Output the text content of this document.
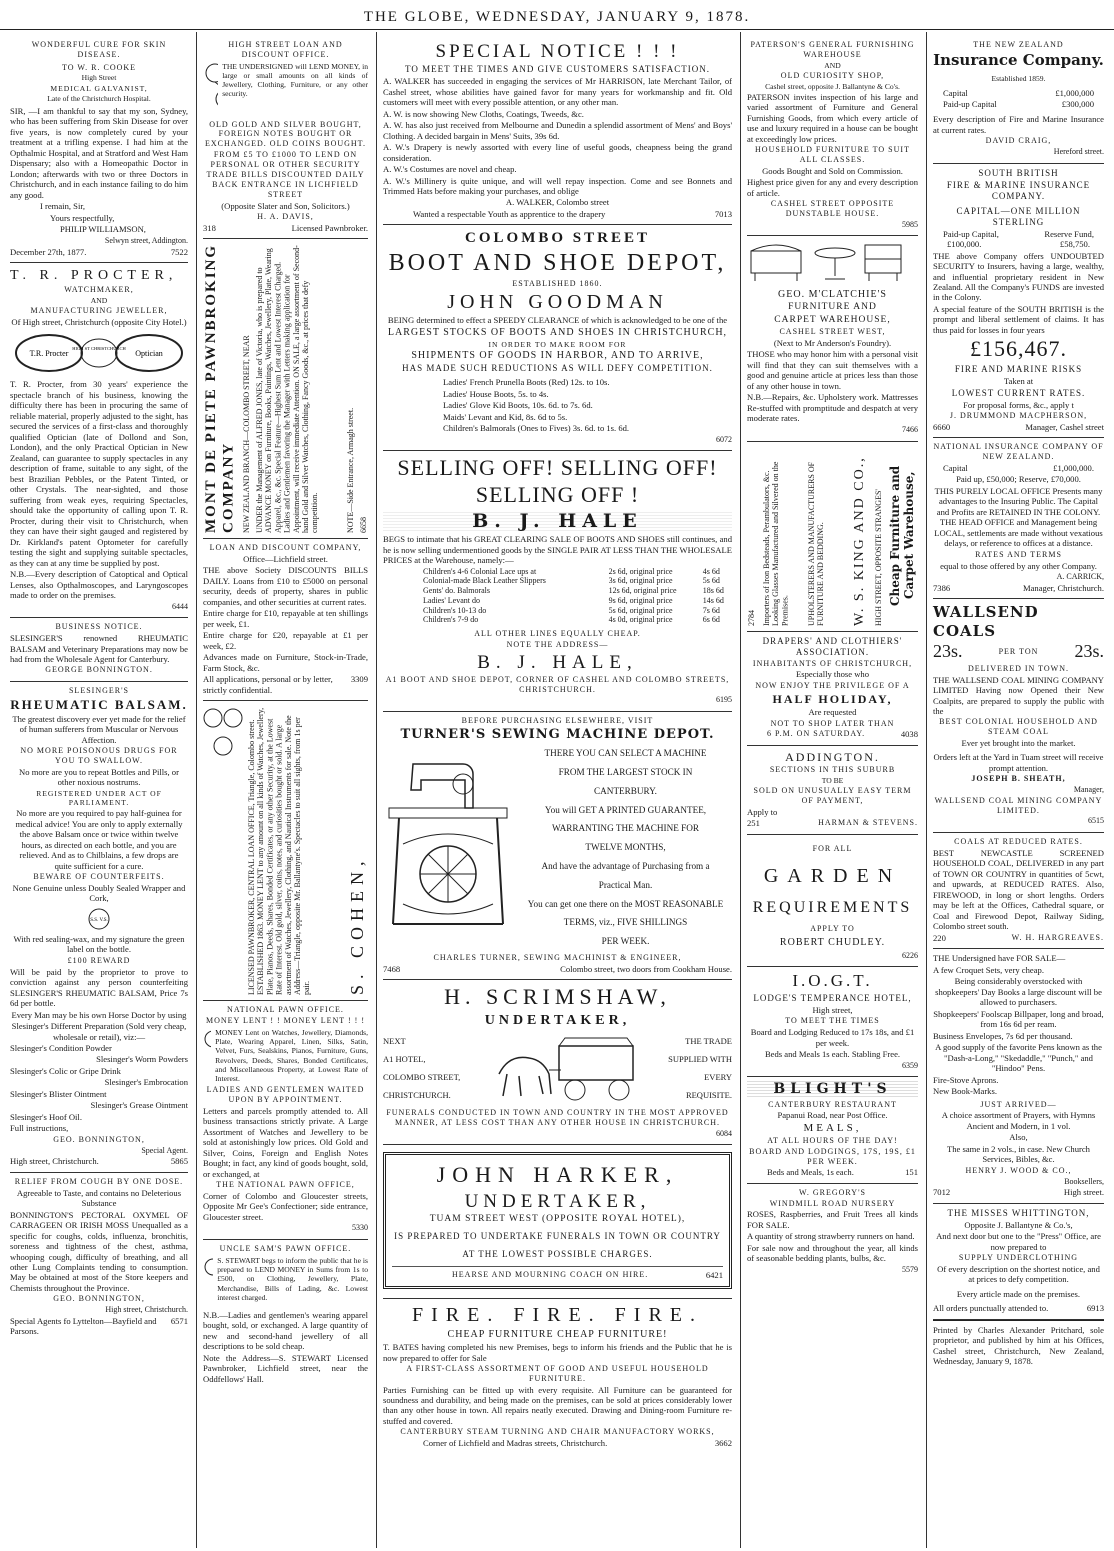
THE GLOBE, WEDNESDAY, JANUARY 9, 1878.

WONDERFUL CURE FOR SKIN DISEASE.

TO W. R. COOKE

High Street

MEDICAL GALVANIST,

Late of the Christchurch Hospital.

SIR, —I am thankful to say that my son, Sydney, who has been suffering from Skin Disease for over five years, is now completely cured by your treatment at a trifling expense. I had him at the Opthalmic Hospital, and at Stratford and West Ham Dispensary; also with a Homeopathic Doctor in London; afterwards with two or three Doctors in Christchurch, and in each instance failing to do him any good.

I remain, Sir,

Yours respectfully,

PHILIP WILLIAMSON,

Selwyn street, Addington.

December 27th, 1877.	7522

T. R. PROCTER,

WATCHMAKER,

AND

MANUFACTURING JEWELLER,

Of High street, Christchurch (opposite City Hotel.)

T.R. Procter
HIGH ST CHRISTCHURCH
Optician

T. R. Procter, from 30 years' experience the spectacle branch of his business, knowing the difficulty there has been in procuring the same of reliable material, properly adjusted to the sight, has secured the services of a first-class and thoroughly qualified Optician (late of Dollond and Son, London), and the only Practical Optician in New Zealand, can guarantee to supply spectacles in any description of frame, suitable to any sight, of the best Brazilian Pebbles, or the Patent Tinted, or other Crystals. The near-sighted, and those suffering from weak eyes, requiring Spectacles, should take the opportunity of calling upon T. R. Procter, during their visit to Christchurch, when they can have their sight gauged and registered by Dr. Kirkland's patent Optometer for carefully testing the sight and supplying suitable spectacles, as they can at any time be supplied by post.

N.B.—Every description of Catoptical and Optical Lenses, also Opthalmoscopes, and Laryngoscopes made to order on the premises.

6444

BUSINESS NOTICE.

SLESINGER'S renowned RHEUMATIC BALSAM and Veterinary Preparations may now be had from the Wholesale Agent for Canterbury.

GEORGE BONNINGTON.

SLESINGER'S

RHEUMATIC BALSAM.

The greatest discovery ever yet made for the relief of human sufferers from Muscular or Nervous Affection.

NO MORE POISONOUS DRUGS FOR YOU TO SWALLOW.

No more are you to repeat Bottles and Pills, or other noxious nostrums.

REGISTERED UNDER ACT OF PARLIAMENT.

No more are you required to pay half-guinea for medical advice! You are only to apply externally the above Balsam once or twice within twelve hours, as directed on each bottle, and you are relieved. And as to Chilblains, a few drops are quite sufficient for a cure.

BEWARE OF COUNTERFEITS.

None Genuine unless Doubly Sealed Wrapper and Cork,

S.S. V.S.

With red sealing-wax, and my signature the green label on the bottle.

£100 REWARD

Will be paid by the proprietor to prove to conviction against any person counterfeiting SLESINGER'S RHEUMATIC BALSAM, Price 7s 6d per bottle.

Every Man may be his own Horse Doctor by using

Slesinger's Different Preparation (Sold very cheap, wholesale or retail), viz:—

Slesinger's Condition Powder

Slesinger's Worm Powders

Slesinger's Colic or Gripe Drink

Slesinger's Embrocation

Slesinger's Blister Ointment

Slesinger's Grease Ointment

Slesinger's Hoof Oil.

Full instructions,

GEO. BONNINGTON,

Special Agent.

High street, Christchurch.	5865

RELIEF FROM COUGH BY ONE DOSE.

Agreeable to Taste, and contains no Deleterious Substance

BONNINGTON'S PECTORAL OXYMEL OF CARRAGEEN OR IRISH MOSS Unequalled as a specific for coughs, colds, influenza, bronchitis, soreness and tightness of the chest, asthma, whooping cough, difficulty of breathing, and all other Lung Complaints tending to consumption. May be obtained at most of the Store keepers and Chemists throughout the Province.

GEO. BONNINGTON,

High street, Christchurch.

Special Agents fo Lyttelton—Bayfield and Parsons.
6571

HIGH STREET LOAN AND DISCOUNT OFFICE.

THE UNDERSIGNED will LEND MONEY, in large or small amounts on all kinds of Jewellery, Clothing, Furniture, or any other security.

OLD GOLD AND SILVER BOUGHT, FOREIGN NOTES BOUGHT OR EXCHANGED. OLD COINS BOUGHT.

FROM £5 TO £1000 TO LEND ON PERSONAL OR OTHER SECURITY

TRADE BILLS DISCOUNTED DAILY BACK ENTRANCE IN LICHFIELD STREET

(Opposite Slater and Son, Solicitors.)

H. A. DAVIS,

318	Licensed Pawnbroker.
MONT DE PIETE PAWNBROKING COMPANY NEW ZEALAND BRANCH—COLOMBO STREET, NEAR UNDER the Management of ALFRED JONES, late of Victoria, who is prepared to ADVANCE MONEY on Furniture, Books, Paintings, Watches, Jewellery, Plate, Wearing Apparel, &c., &c. Special Feature—Highest Sum Lent and Lowest Interest Charged. Ladies and Gentlemen favoring the Manager with Letters making application for Appointment, will receive immediate Attention. ON SALE, a large assortment of Second-hand Gold and Silver Watches, Clothing, Fancy Goods, &c., at prices that defy competition.	NOTE—Side Entrance, Armagh street. 6658

LOAN AND DISCOUNT COMPANY,

Office—Lichfield street.

THE above Society DISCOUNTS BILLS DAILY. Loans from £10 to £5000 on personal security, deeds of property, shares in public companies, and other securities at current rates.

Entire charge for £10, repayable at ten shillings per week, £1.

Entire charge for £20, repayable at £1 per week, £2.

Advances made on Furniture, Stock-in-Trade, Farm Stock, &c.

All applications, personal or by letter, strictly confidential.
3309
LICENSED PAWNBROKER, CENTRAL LOAN OFFICE, Triangle, Colombo street. ESTABLISHED 1863. MONEY LENT to any amount on all kinds of Watches, Jewellery, Plate, Pianos, Deeds, Shares, Bonded Certificates, or any other Security, at the Lowest Rate of Interest. Old gold, silver, coins, notes, and curiosities bought or sold. A large assortment of Watches, Jewellery, Clothing, and Nautical Instruments for sale. Note the Address—Triangle, opposite Mr. Ballantyne's. Spectacles to suit all sights, from 1s per pair.	S. COHEN,

NATIONAL PAWN OFFICE.

MONEY LENT ! ! MONEY LENT ! ! !

MONEY Lent on Watches, Jewellery, Diamonds, Plate, Wearing Apparel, Linen, Silks, Satin, Velvet, Furs, Sealskins, Pianos, Furniture, Guns, Revolvers, Deeds, Shares, Bonded Certificates, and Miscellaneous Property, at Lowest Rate of Interest.

LADIES AND GENTLEMEN WAITED UPON BY APPOINTMENT.

Letters and parcels promptly attended to. All business transactions strictly private. A Large Assortment of Watches and Jewellery to be sold at astonishingly low prices. Old Gold and Silver, Coins, Foreign and English Notes Bought; in fact, any kind of goods bought, sold, or exchanged, at

THE NATIONAL PAWN OFFICE,

Corner of Colombo and Gloucester streets, Opposite Mr Gee's Confectioner; side entrance, Gloucester street.

5330

UNCLE SAM'S PAWN OFFICE.

S. STEWART begs to inform the public that he is prepared to LEND MONEY in Sums from 1s to £500, on Clothing, Jewellery, Plate, Merchandise, Bills of Lading, &c. Lowest interest charged.

N.B.—Ladies and gentlemen's wearing apparel bought, sold, or exchanged. A large quantity of new and second-hand jewellery of all descriptions to be sold cheap.

Note the Address—S. STEWART Licensed Pawnbroker, Lichfield street, near the Oddfellows' Hall.

SPECIAL NOTICE ! ! !

TO MEET THE TIMES AND GIVE CUSTOMERS SATISFACTION.

A. WALKER has succeeded in engaging the services of Mr HARRISON, late Merchant Tailor, of Cashel street, whose abilities have gained favor for many years for workmanship and fit. Old customers will meet with every possible attention, or any other man.

A. W. is now showing New Cloths, Coatings, Tweeds, &c.

A. W. has also just received from Melbourne and Dunedin a splendid assortment of Mens' and Boys' Clothing. A decided bargain in Mens' Suits, 39s 6d.

A. W.'s Drapery is newly assorted with every line of useful goods, cheapness being the grand consideration.

A. W.'s Costumes are novel and cheap.

A. W.'s Millinery is quite unique, and will well repay inspection. Come and see Bonnets and Trimmed Hats before making your purchases, and oblige

A. WALKER, Colombo street

Wanted a respectable Youth as apprentice to the drapery	7013

COLOMBO STREET

BOOT AND SHOE DEPOT,

ESTABLISHED 1860.

JOHN GOODMAN

BEING determined to effect a SPEEDY CLEARANCE of which is acknowledged to be one of the

LARGEST STOCKS OF BOOTS AND SHOES IN CHRISTCHURCH,

IN ORDER TO MAKE ROOM FOR

SHIPMENTS OF GOODS IN HARBOR, AND TO ARRIVE,

HAS MADE SUCH REDUCTIONS AS WILL DEFY COMPETITION.

Ladies' French Prunella Boots (Red) 12s. to 10s.

Ladies' House Boots, 5s. to 4s.

Ladies' Glove Kid Boots, 10s. 6d. to 7s. 6d.

Maids' Levant and Kid, 8s. 6d to 5s.

Children's Balmorals (Ones to Fives) 3s. 6d. to 1s. 6d.

6072

SELLING OFF! SELLING OFF! SELLING OFF !

B. J. HALE

BEGS to intimate that his GREAT CLEARING SALE OF BOOTS AND SHOES still continues, and he is now selling undermentioned goods by the SINGLE PAIR AT LESS THAN THE WHOLESALE PRICES at the Warehouse, namely:—

Children's 4-6 Colonial Lace ups at	2s 6d, original price	4s 6d
Colonial-made Black Leather Slippers	3s 6d, original price	5s 6d
Gents' do. Balmorals	12s 6d, original price	18s 6d
Ladies' Levant do	9s 6d, original price	14s 6d
Children's 10-13 do	5s 6d, original price	7s 6d
Children's 7-9 do	4s 0d, original price	6s 6d

ALL OTHER LINES EQUALLY CHEAP.

NOTE THE ADDRESS—

B. J. HALE,

A1 BOOT AND SHOE DEPOT, CORNER OF CASHEL AND COLOMBO STREETS, CHRISTCHURCH.

6195

BEFORE PURCHASING ELSEWHERE, VISIT

TURNER'S SEWING MACHINE DEPOT.

THERE YOU CAN SELECT A MACHINE

FROM THE LARGEST STOCK IN

CANTERBURY.

You will GET A PRINTED GUARANTEE,

WARRANTING THE MACHINE FOR

TWELVE MONTHS,

And have the advantage of Purchasing from a

Practical Man.

You can get one there on the MOST REASONABLE TERMS, viz., FIVE SHILLINGS

PER WEEK.

CHARLES TURNER, SEWING MACHINIST & ENGINEER,

7468	Colombo street, two doors from Cookham House.

H. SCRIMSHAW,

UNDERTAKER,

NEXT

A1 HOTEL,

COLOMBO STREET,

CHRISTCHURCH.

THE TRADE

SUPPLIED WITH

EVERY

REQUISITE.

FUNERALS CONDUCTED IN TOWN AND COUNTRY IN THE MOST APPROVED MANNER, AT LESS COST THAN ANY OTHER HOUSE IN CHRISTCHURCH.

6084

JOHN HARKER,

UNDERTAKER,

TUAM STREET WEST (OPPOSITE ROYAL HOTEL),

IS PREPARED TO UNDERTAKE FUNERALS IN TOWN OR COUNTRY AT THE LOWEST POSSIBLE CHARGES.

HEARSE AND MOURNING COACH ON HIRE.	6421

FIRE. FIRE. FIRE.

CHEAP FURNITURE CHEAP FURNITURE!

T. BATES having completed his new Premises, begs to inform his friends and the Public that he is now prepared to offer for Sale

A FIRST-CLASS ASSORTMENT OF GOOD AND USEFUL HOUSEHOLD FURNITURE.

Parties Furnishing can be fitted up with every requisite. All Furniture can be guaranteed for soundness and durability, and being made on the premises, can be sold at prices considerably lower than any other house in town. All repairs neatly executed. Drawing and Dining-room Furniture re-stuffed and covered.

CANTERBURY STEAM TURNING AND CHAIR MANUFACTORY WORKS,

Corner of Lichfield and Madras streets, Christchurch.	3662

PATERSON'S GENERAL FURNISHING WAREHOUSE

AND

OLD CURIOSITY SHOP,

Cashel street, opposite J. Ballantyne & Co's.

PATERSON invites inspection of his large and varied assortment of Furniture and General Furnishing Goods, from which every article of use and luxury required in a house can be bought at exceedingly low prices.

HOUSEHOLD FURNITURE TO SUIT ALL CLASSES.

Goods Bought and Sold on Commission.

Highest price given for any and every description of article.

CASHEL STREET OPPOSITE DUNSTABLE HOUSE.

5985

GEO. M'CLATCHIE'S

FURNITURE AND

CARPET WAREHOUSE,

CASHEL STREET WEST,

(Next to Mr Anderson's Foundry).

THOSE who may honor him with a personal visit will find that they can suit themselves with a good and genuine article at prices less than those of any other house in town.

N.B.—Repairs, &c. Upholstery work. Mattresses Re-stuffed with promptitude and despatch at very moderate rates.

7466

2784 Importers of Iron Bedsteads, Perambulators, &c. Looking Glasses Manufactured and Silvered on the Premises.	UPHOLSTERERS AND MANUFACTURERS OF FURNITURE AND BEDDING.	W. S. KING AND CO., HIGH STREET, OPPOSITE STRANGES' Cheap Furniture and Carpet Warehouse,

DRAPERS' AND CLOTHIERS' ASSOCIATION.

INHABITANTS OF CHRISTCHURCH,

Especially those who

NOW ENJOY THE PRIVILEGE OF A

HALF HOLIDAY,

Are requested

NOT TO SHOP LATER THAN

6 P.M. ON SATURDAY.	4038

ADDINGTON.

SECTIONS IN THIS SUBURB

TO BE

SOLD ON UNUSUALLY EASY TERM OF PAYMENT,

Apply to

251	HARMAN & STEVENS.

FOR ALL

GARDEN

REQUIREMENTS

APPLY TO

ROBERT CHUDLEY.

6226

I.O.G.T.

LODGE'S TEMPERANCE HOTEL,

High street,

TO MEET THE TIMES

Board and Lodging Reduced to 17s 18s, and £1 per week.

Beds and Meals 1s each. Stabling Free.

6359

BLIGHT'S

CANTERBURY RESTAURANT

Papanui Road, near Post Office.

MEALS,

AT ALL HOURS OF THE DAY!

BOARD AND LODGINGS, 17S, 19S, £1 PER WEEK.

Beds and Meals, 1s each.	151

W. GREGORY'S

WINDMILL ROAD NURSERY

ROSES, Raspberries, and Fruit Trees all kinds FOR SALE.

A quantity of strong strawberry runners on hand.

For sale now and throughout the year, all kinds of seasonable bedding plants, bulbs, &c.

5579

THE NEW ZEALAND

Insurance Company.

Established 1859.

Capital	£1,000,000
Paid-up Capital	£300,000

Every description of Fire and Marine Insurance at current rates.

DAVID CRAIG,

Hereford street.

SOUTH BRITISH

FIRE & MARINE INSURANCE COMPANY.

CAPITAL—ONE MILLION STERLING

Paid-up Capital,	Reserve Fund,
£100,000.	£58,750.

THE above Company offers UNDOUBTED SECURITY to Insurers, having a large, wealthy, and influential proprietary resident in New Zealand. All the Company's FUNDS are invested in the Colony.

A special feature of the SOUTH BRITISH is the prompt and liberal settlement of claims. It has thus paid for losses in four years

£156,467.

FIRE AND MARINE RISKS

Taken at

LOWEST CURRENT RATES.

For proposal forms, &c., apply t

J. DRUMMOND MACPHERSON,

6660	Manager, Cashel street

NATIONAL INSURANCE COMPANY OF NEW ZEALAND.

Capital	£1,000,000.

Paid up, £50,000; Reserve, £70,000.

THIS PURELY LOCAL OFFICE Presents many advantages to the Insuring Public. The Capital and Profits are RETAINED IN THE COLONY. THE HEAD OFFICE and Management being LOCAL, settlements are made without vexatious delays, or reference to offices at a distance.

RATES AND TERMS

equal to those offered by any other Company.

A. CARRICK,

7386	Manager, Christchurch.

WALLSEND COALS

23s.	PER TON 23s.

DELIVERED IN TOWN.

THE WALLSEND COAL MINING COMPANY LIMITED Having now Opened their New Coalpits, are prepared to supply the public with the

BEST COLONIAL HOUSEHOLD AND STEAM COAL

Ever yet brought into the market.

Orders left at the Yard in Tuam street will receive prompt attention.

JOSEPH B. SHEATH,

Manager,

WALLSEND COAL MINING COMPANY LIMITED.

6515

COALS AT REDUCED RATES.

BEST NEWCASTLE SCREENED HOUSEHOLD COAL, DELIVERED in any part of TOWN OR COUNTRY in quantities of 5cwt, and upwards, at REDUCED RATES. Also, FIREWOOD, in long or short lengths. Orders may be left at the Offices, Cathedral square, or Coal and Firewood Depot, Railway Siding, Colombo street south.

220	W. H. HARGREAVES.

THE Undersigned have FOR SALE—

A few Croquet Sets, very cheap.

Being considerably overstocked with shopkeepers' Day Books a large discount will be allowed to purchasers.

Shopkeepers' Foolscap Billpaper, long and broad, from 16s 6d per ream.

Business Envelopes, 7s 6d per thousand.

A good supply of the favorite Pens known as the "Dash-a-Long," "Skedaddle," "Punch," and "Hindoo" Pens.

Fire-Stove Aprons.

New Book-Marks.

JUST ARRIVED—

A choice assortment of Prayers, with Hymns Ancient and Modern, in 1 vol.

Also,

The same in 2 vols., in case. New Church Services, Bibles, &c.

HENRY J. WOOD & CO.,

Booksellers,

7012	High street.

THE MISSES WHITTINGTON,

Opposite J. Ballantyne & Co.'s,

And next door but one to the "Press" Office, are now prepared to

SUPPLY UNDERCLOTHING

Of every description on the shortest notice, and at prices to defy competition.

Every article made on the premises.

All orders punctually attended to.	6913

Printed by Charles Alexander Pritchard, sole proprietor, and published by him at his Offices, Cashel street, Christchurch, New Zealand, Wednesday, January 9, 1878.
